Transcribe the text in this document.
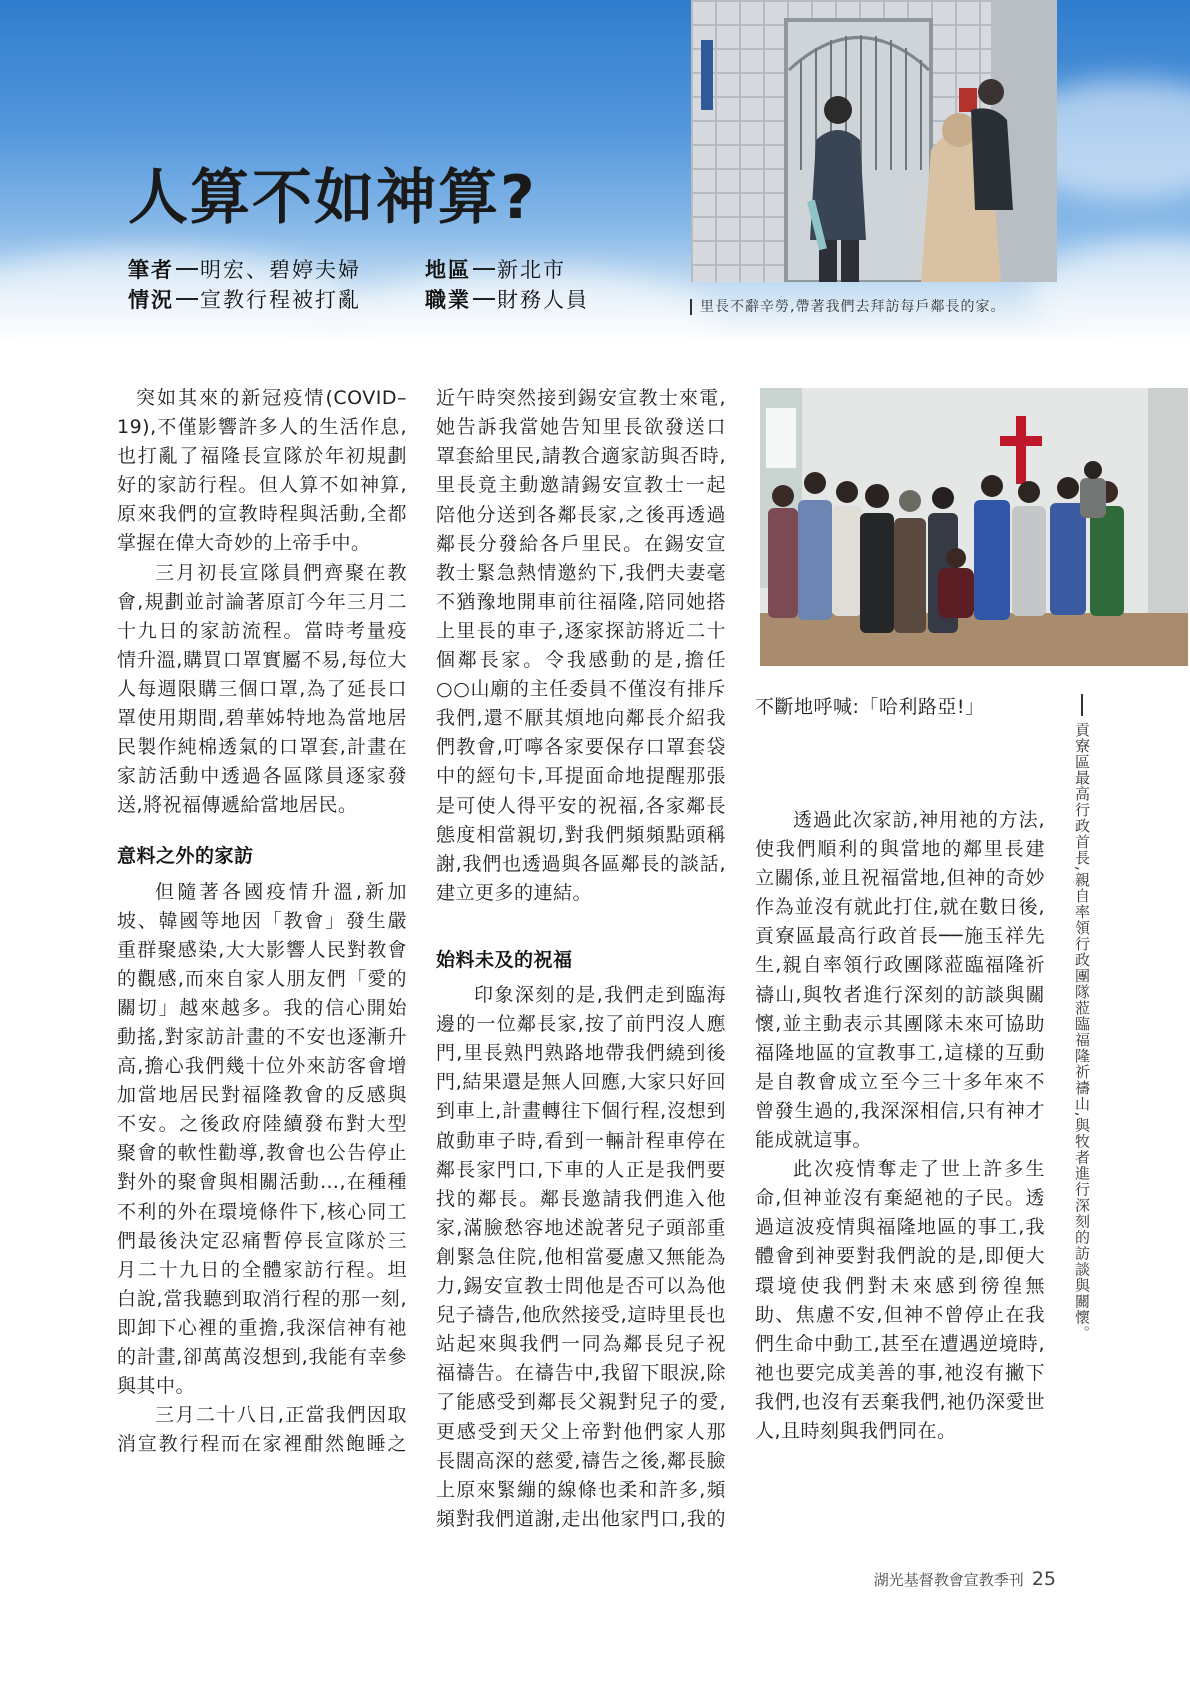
人算不如神算?
筆者 明宏、碧婷夫婦
情況 宣教行程被打亂
地區 新北市
職業 財務人員	里長不辭辛勞,帶著我們去拜訪每戶鄰長的家。

突如其來的新冠疫情(COVID–19),不僅影響許多人的生活作息,也打亂了福隆長宣隊於年初規劃好的家訪行程。但人算不如神算,原來我們的宣教時程與活動,全都掌握在偉大奇妙的上帝手中。

三月初長宣隊員們齊聚在教會,規劃並討論著原訂今年三月二十九日的家訪流程。當時考量疫情升溫,購買口罩實屬不易,每位大人每週限購三個口罩,為了延長口罩使用期間,碧華姊特地為當地居民製作純棉透氣的口罩套,計畫在家訪活動中透過各區隊員逐家發送,將祝福傳遞給當地居民。

意料之外的家訪

但隨著各國疫情升溫,新加坡、韓國等地因「教會」發生嚴重群聚感染,大大影響人民對教會的觀感,而來自家人朋友們「愛的關切」越來越多。我的信心開始動搖,對家訪計畫的不安也逐漸升高,擔心我們幾十位外來訪客會增加當地居民對福隆教會的反感與不安。之後政府陸續發布對大型聚會的軟性勸導,教會也公告停止對外的聚會與相關活動…,在種種不利的外在環境條件下,核心同工們最後決定忍痛暫停長宣隊於三月二十九日的全體家訪行程。坦白說,當我聽到取消行程的那一刻,即卸下心裡的重擔,我深信神有祂的計畫,卻萬萬沒想到,我能有幸參與其中。

三月二十八日,正當我們因取消宣教行程而在家裡酣然飽睡之

近午時突然接到錫安宣教士來電,她告訴我當她告知里長欲發送口罩套給里民,請教合適家訪與否時,里長竟主動邀請錫安宣教士一起陪他分送到各鄰長家,之後再透過鄰長分發給各戶里民。在錫安宣教士緊急熱情邀約下,我們夫妻毫不猶豫地開車前往福隆,陪同她搭上里長的車子,逐家探訪將近二十個鄰長家。令我感動的是,擔任○○山廟的主任委員不僅沒有排斥我們,還不厭其煩地向鄰長介紹我們教會,叮嚀各家要保存口罩套袋中的經句卡,耳提面命地提醒那張是可使人得平安的祝福,各家鄰長態度相當親切,對我們頻頻點頭稱謝,我們也透過與各區鄰長的談話,建立更多的連結。

始料未及的祝福

印象深刻的是,我們走到臨海邊的一位鄰長家,按了前門沒人應門,里長熟門熟路地帶我們繞到後門,結果還是無人回應,大家只好回到車上,計畫轉往下個行程,沒想到啟動車子時,看到一輛計程車停在鄰長家門口,下車的人正是我們要找的鄰長。鄰長邀請我們進入他家,滿臉愁容地述說著兒子頭部重創緊急住院,他相當憂慮又無能為力,錫安宣教士問他是否可以為他兒子禱告,他欣然接受,這時里長也站起來與我們一同為鄰長兒子祝福禱告。在禱告中,我留下眼淚,除了能感受到鄰長父親對兒子的愛,更感受到天父上帝對他們家人那長闊高深的慈愛,禱告之後,鄰長臉上原來緊繃的線條也柔和許多,頻頻對我們道謝,走出他家門口,我的

不斷地呼喊:「哈利路亞!」

透過此次家訪,神用祂的方法,使我們順利的與當地的鄰里長建立關係,並且祝福當地,但神的奇妙作為並沒有就此打住,就在數日後,貢寮區最高行政首長──施玉祥先生,親自率領行政團隊蒞臨福隆祈禱山,與牧者進行深刻的訪談與關懷,並主動表示其團隊未來可協助福隆地區的宣教事工,這樣的互動是自教會成立至今三十多年來不曾發生過的,我深深相信,只有神才能成就這事。

此次疫情奪走了世上許多生命,但神並沒有棄絕祂的子民。透過這波疫情與福隆地區的事工,我體會到神要對我們說的是,即便大環境使我們對未來感到徬徨無助、焦慮不安,但神不曾停止在我們生命中動工,甚至在遭遇逆境時,祂也要完成美善的事,祂沒有撇下我們,也沒有丟棄我們,祂仍深愛世人,且時刻與我們同在。

貢寮區最高行政首長,親自率領行政團隊蒞臨福隆祈禱山,與牧者進行深刻的訪談與關懷。
湖光基督教會宣教季刊 25
